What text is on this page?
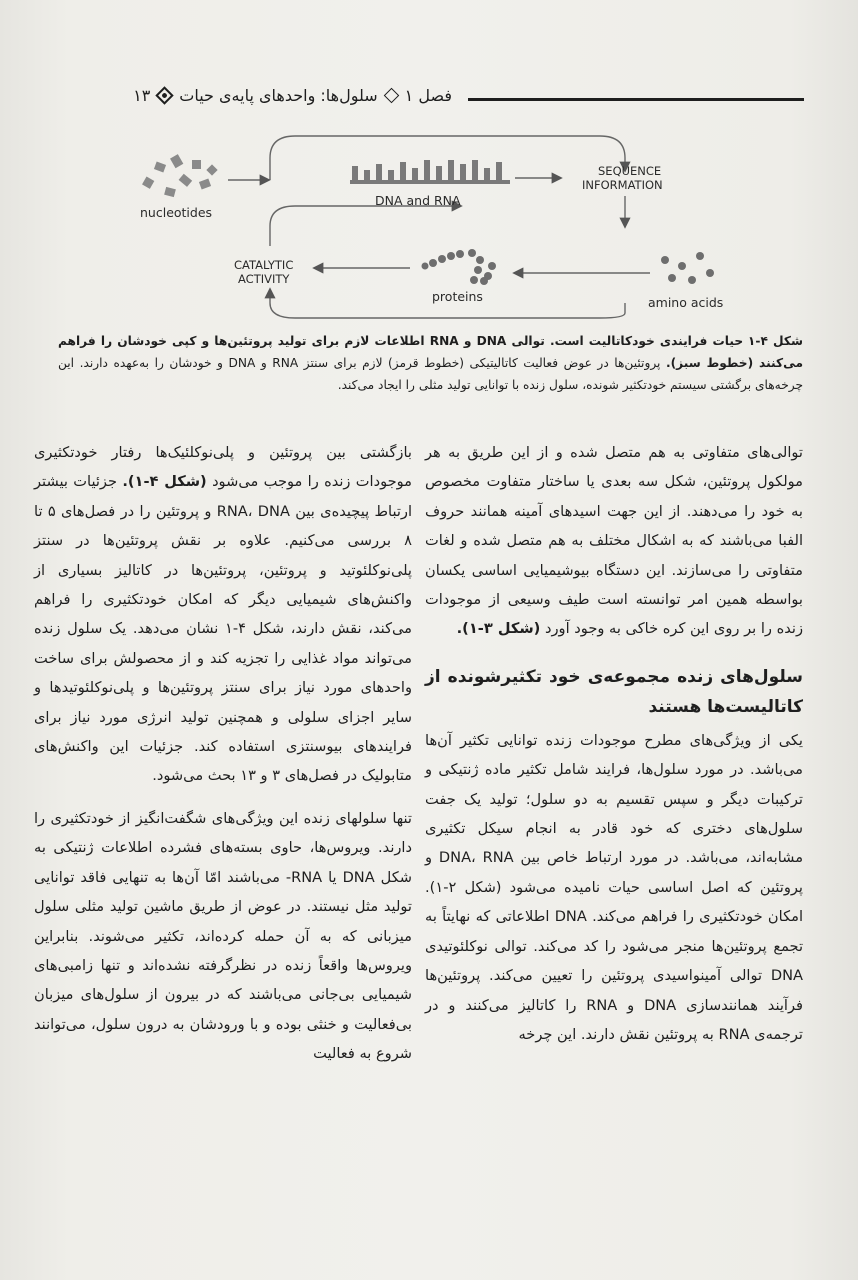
فصل ۱
سلول‌ها: واحدهای پایه‌ی حیات
۱۳
nucleotides
DNA and RNA
SEQUENCE
INFORMATION
CATALYTIC
ACTIVITY
proteins	amino acids
شکل ۴-۱ حیات فرایندی خودکاتالیت است. توالی DNA و RNA اطلاعات لازم برای تولید پروتئین‌ها و کپی خودشان را فراهم می‌کنند (خطوط سبز). پروتئین‌ها در عوض فعالیت کاتالیتیکی (خطوط قرمز) لازم برای سنتز RNA و DNA و خودشان را به‌عهده دارند. این چرخه‌های برگشتی سیستم خودتکثیر شونده، سلول زنده با توانایی تولید مثلی را ایجاد می‌کند.

توالی‌های متفاوتی به هم متصل شده و از این طریق به هر مولکول پروتئین، شکل سه بعدی یا ساختار متفاوت مخصوص به خود را می‌دهند. از این جهت اسیدهای آمینه همانند حروف الفبا می‌باشند که به اشکال مختلف به هم متصل شده و لغات متفاوتی را می‌سازند. این دستگاه بیوشیمیایی اساسی یکسان بواسطه همین امر توانسته است طیف وسیعی از موجودات زنده را بر روی این کره خاکی به وجود آورد (شکل ۳-۱).

سلول‌های زنده مجموعه‌ی خود تکثیرشونده از کاتالیست‌ها هستند

یکی از ویژگی‌های مطرح موجودات زنده توانایی تکثیر آن‌ها می‌باشد. در مورد سلول‌ها، فرایند شامل تکثیر ماده ژنتیکی و ترکیبات دیگر و سپس تقسیم به دو سلول؛ تولید یک جفت سلول‌های دختری که خود قادر به انجام سیکل تکثیری مشابه‌اند، می‌باشد. در مورد ارتباط خاص بین DNA، RNA و پروتئین که اصل اساسی حیات نامیده می‌شود (شکل ۲-۱). امکان خودتکثیری را فراهم می‌کند. DNA اطلاعاتی که نهایتاً به تجمع پروتئین‌ها منجر می‌شود را کد می‌کند. توالی نوکلئوتیدی DNA توالی آمینواسیدی پروتئین را تعیین می‌کند. پروتئین‌ها فرآیند همانندسازی DNA و RNA را کاتالیز می‌کنند و در ترجمه‌ی RNA به پروتئین نقش دارند. این چرخه

بازگشتی بین پروتئین و پلی‌نوکلئیک‌ها رفتار خودتکثیری موجودات زنده را موجب می‌شود (شکل ۴-۱). جزئیات بیشتر ارتباط پیچیده‌ی بین RNA، DNA و پروتئین را در فصل‌های ۵ تا ۸ بررسی می‌کنیم. علاوه بر نقش پروتئین‌ها در سنتز پلی‌نوکلئوتید و پروتئین، پروتئین‌ها در کاتالیز بسیاری از واکنش‌های شیمیایی دیگر که امکان خودتکثیری را فراهم می‌کند، نقش دارند، شکل ۴-۱ نشان می‌دهد. یک سلول زنده می‌تواند مواد غذایی را تجزیه کند و از محصولش برای ساخت واحدهای مورد نیاز برای سنتز پروتئین‌ها و پلی‌نوکلئوتیدها و سایر اجزای سلولی و همچنین تولید انرژی مورد نیاز برای فرایندهای بیوسنتزی استفاده کند. جزئیات این واکنش‌های متابولیک در فصل‌های ۳ و ۱۳ بحث می‌شود.

تنها سلولهای زنده این ویژگی‌های شگفت‌انگیز از خودتکثیری را دارند. ویروس‌ها، حاوی بسته‌های فشرده اطلاعات ژنتیکی به شکل DNA یا RNA- می‌باشند امّا آن‌ها به تنهایی فاقد توانایی تولید مثل نیستند. در عوض از طریق ماشین تولید مثلی سلول میزبانی که به آن حمله کرده‌اند، تکثیر می‌شوند. بنابراین ویروس‌ها واقعاً زنده در نظرگرفته نشده‌اند و تنها زامبی‌های شیمیایی بی‌جانی می‌باشند که در بیرون از سلول‌های میزبان بی‌فعالیت و خنثی بوده و با ورودشان به درون سلول، می‌توانند شروع به فعالیت
